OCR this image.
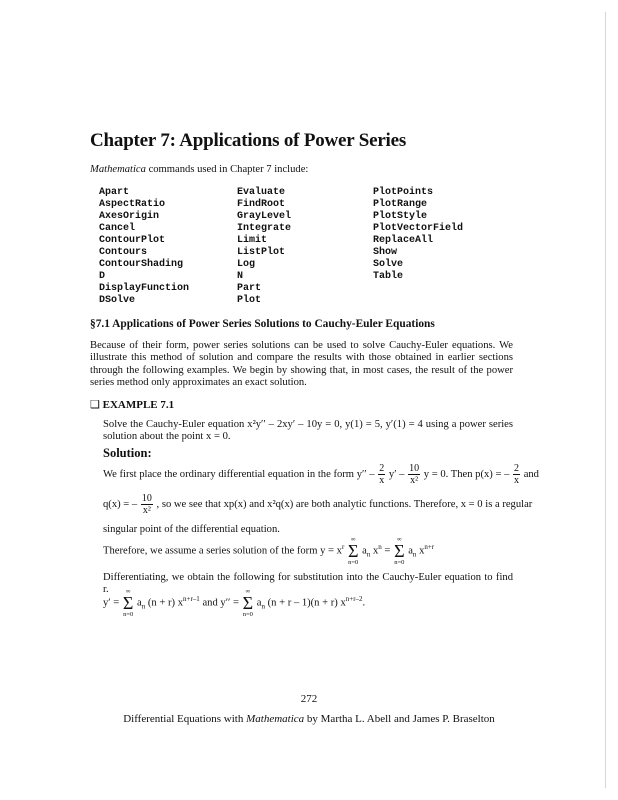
Chapter 7: Applications of Power Series
Mathematica commands used in Chapter 7 include:
Apart
AspectRatio
AxesOrigin
Cancel
ContourPlot
Contours
ContourShading
D
DisplayFunction
DSolve
Evaluate
FindRoot
GrayLevel
Integrate
Limit
ListPlot
Log
N
Part
Plot
PlotPoints
PlotRange
PlotStyle
PlotVectorField
ReplaceAll
Show
Solve
Table
§7.1 Applications of Power Series Solutions to Cauchy-Euler Equations
Because of their form, power series solutions can be used to solve Cauchy-Euler equations. We illustrate this method of solution and compare the results with those obtained in earlier sections through the following examples. We begin by showing that, in most cases, the result of the power series method only approximates an exact solution.
❑ EXAMPLE 7.1
Solve the Cauchy-Euler equation x²y′′ – 2xy′ – 10y = 0, y(1) = 5, y′(1) = 4 using a power series solution about the point x = 0.
Solution:
We first place the ordinary differential equation in the form $y'' - \frac{2}{x} y' - \frac{10}{\text{x²}}$ y = 0. Then p(x) = – $\frac{2}{x}$ and
q(x) = – $\frac{10}{\text{x²}}$ , so we see that xp(x) and x²q(x) are both analytic functions. Therefore, x = 0 is a regular
singular point of the differential equation.
Therefore, we assume a series solution of the form $y = x^r$
∞
Σ
n=0
$a_n$ $x^n$ =
∞
Σ
n=0
$a_n$ $x^{n+r}$
Differentiating, we obtain the following for substitution into the Cauchy-Euler equation to find r.
y′ =
∞
Σ
n=0
$a_n$ (n + r) $x^{n+r-1}$ and y′′ =
∞
Σ
n=0
$a_n$ (n + r – 1)(n + r) $x^{n+r-2}$.
272
Differential Equations with Mathematica by Martha L. Abell and James P. Braselton
